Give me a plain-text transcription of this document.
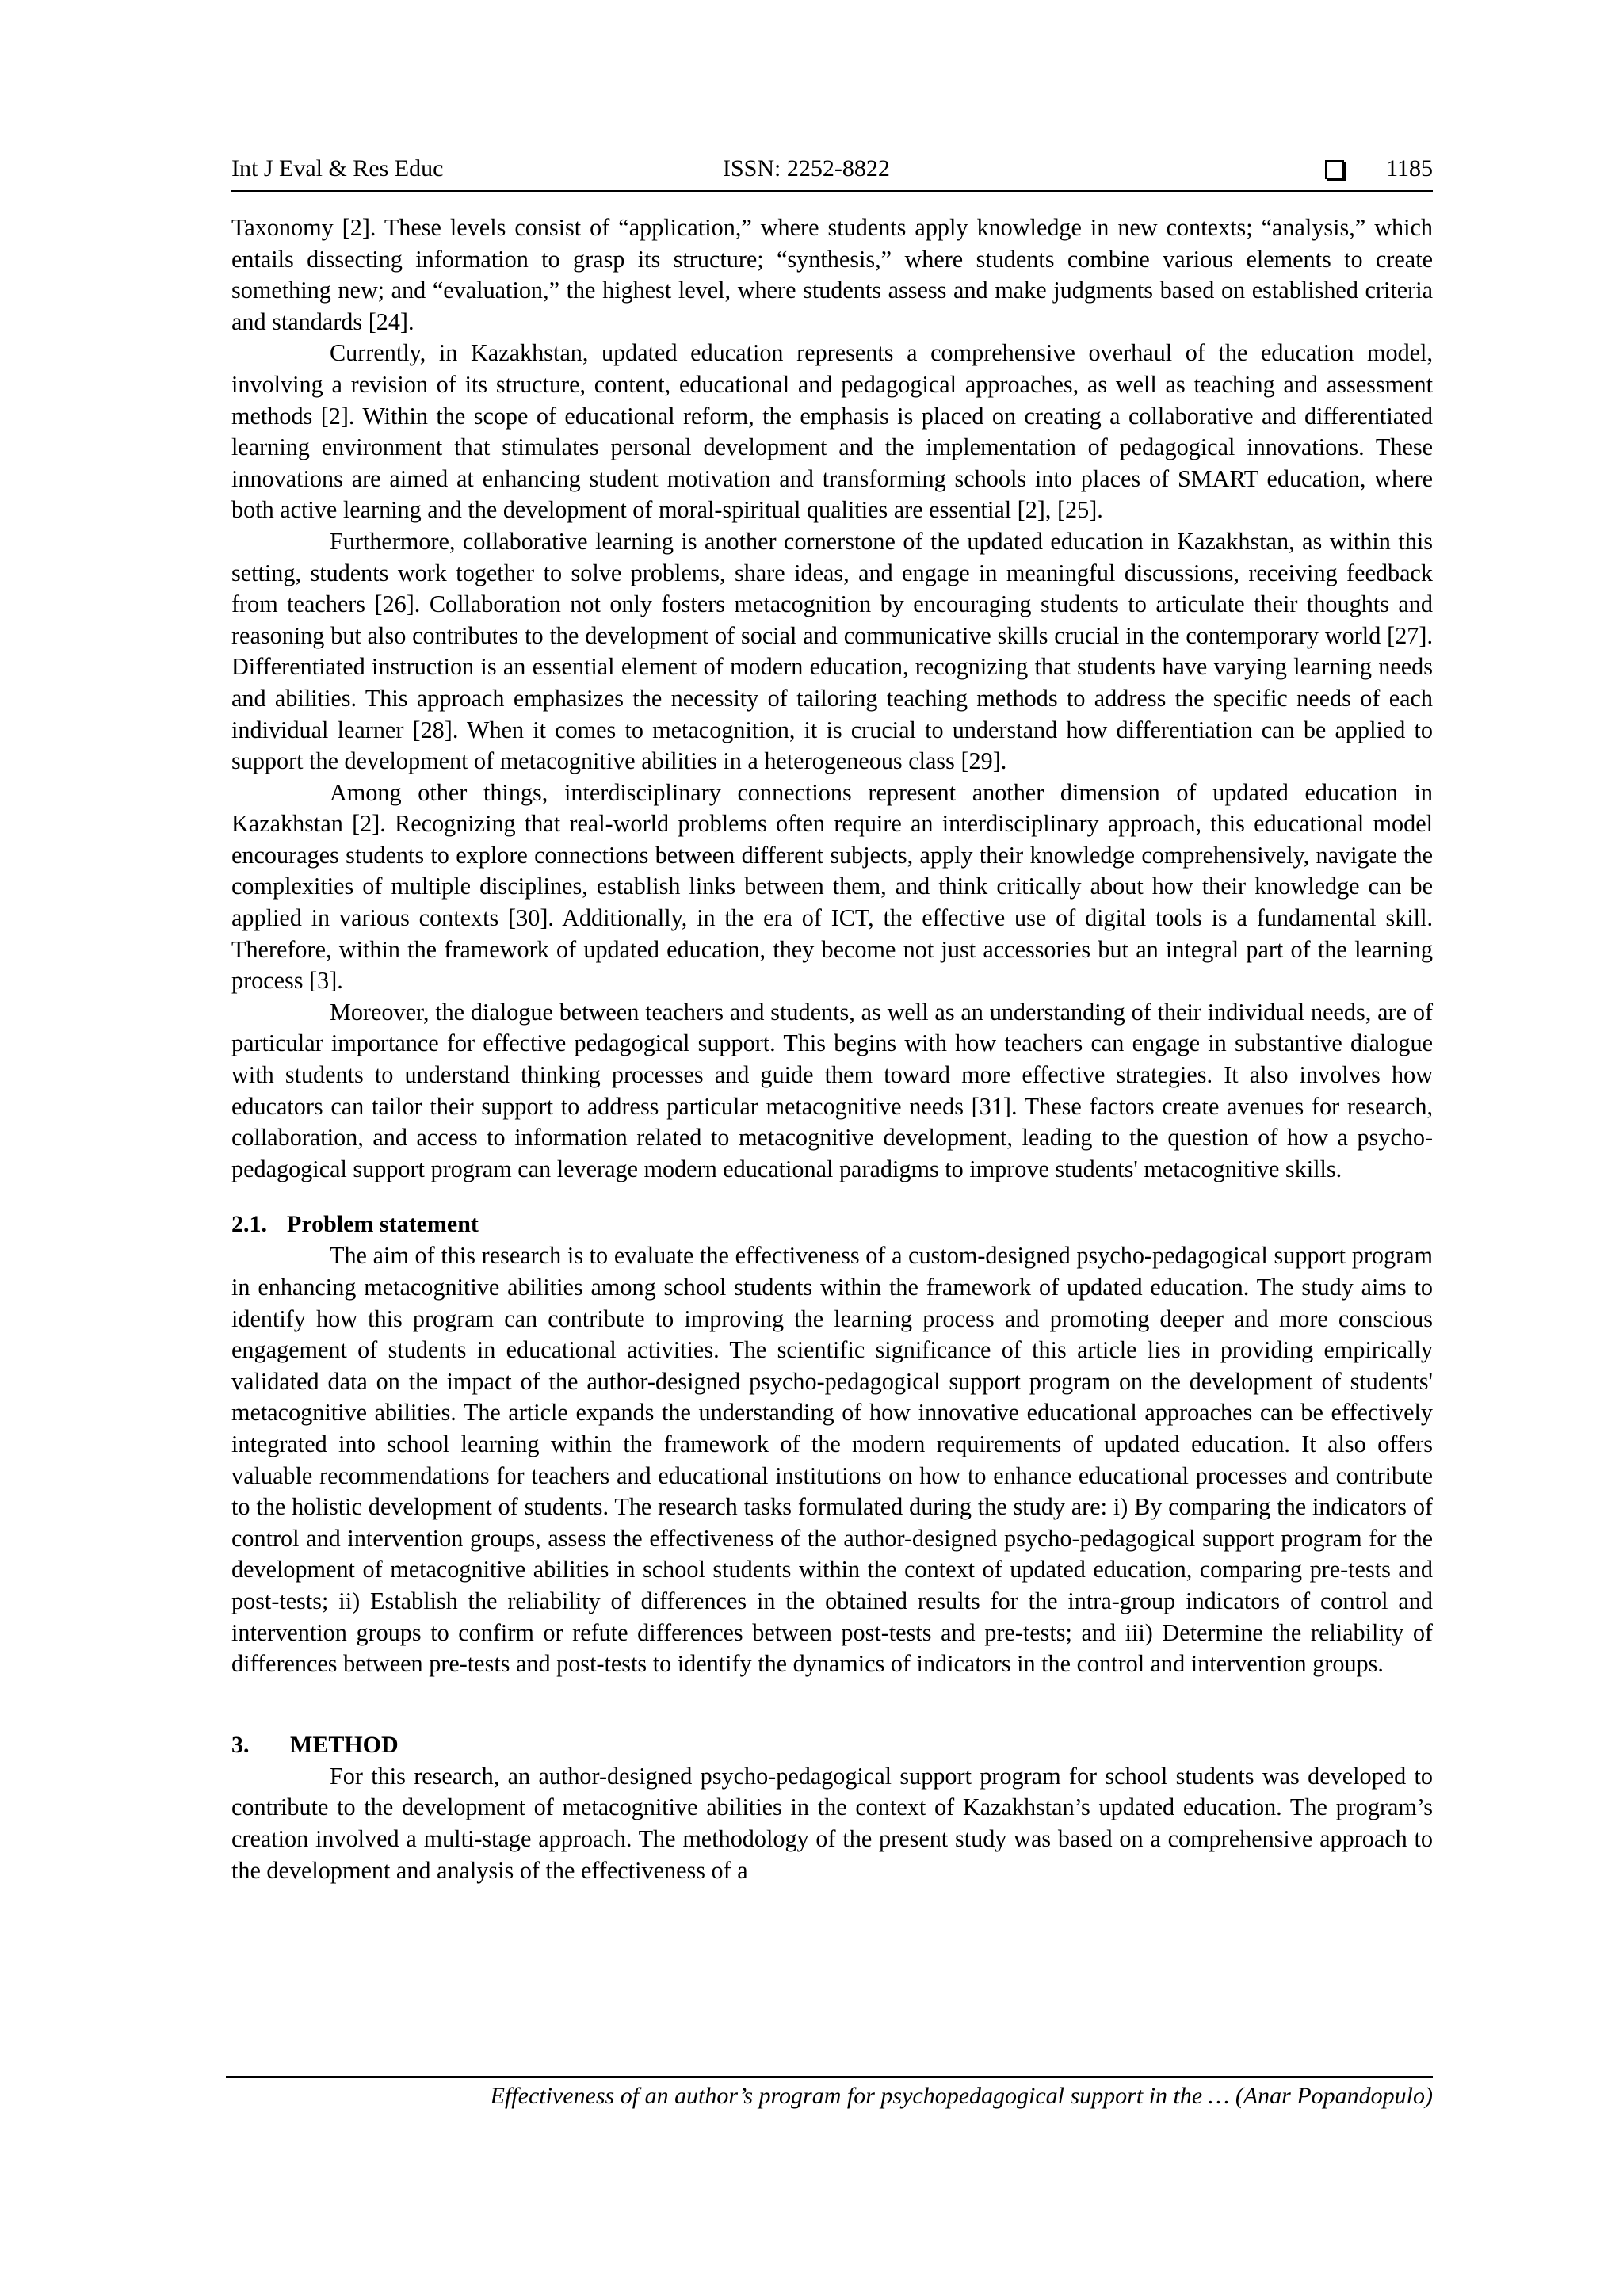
Int J Eval & Res Educ	ISSN: 2252-8822	1185

Taxonomy [2]. These levels consist of “application,” where students apply knowledge in new contexts; “analysis,” which entails dissecting information to grasp its structure; “synthesis,” where students combine various elements to create something new; and “evaluation,” the highest level, where students assess and make judgments based on established criteria and standards [24].

Currently, in Kazakhstan, updated education represents a comprehensive overhaul of the education model, involving a revision of its structure, content, educational and pedagogical approaches, as well as teaching and assessment methods [2]. Within the scope of educational reform, the emphasis is placed on creating a collaborative and differentiated learning environment that stimulates personal development and the implementation of pedagogical innovations. These innovations are aimed at enhancing student motivation and transforming schools into places of SMART education, where both active learning and the development of moral-spiritual qualities are essential [2], [25].

Furthermore, collaborative learning is another cornerstone of the updated education in Kazakhstan, as within this setting, students work together to solve problems, share ideas, and engage in meaningful discussions, receiving feedback from teachers [26]. Collaboration not only fosters metacognition by encouraging students to articulate their thoughts and reasoning but also contributes to the development of social and communicative skills crucial in the contemporary world [27]. Differentiated instruction is an essential element of modern education, recognizing that students have varying learning needs and abilities. This approach emphasizes the necessity of tailoring teaching methods to address the specific needs of each individual learner [28]. When it comes to metacognition, it is crucial to understand how differentiation can be applied to support the development of metacognitive abilities in a heterogeneous class [29].

Among other things, interdisciplinary connections represent another dimension of updated education in Kazakhstan [2]. Recognizing that real-world problems often require an interdisciplinary approach, this educational model encourages students to explore connections between different subjects, apply their knowledge comprehensively, navigate the complexities of multiple disciplines, establish links between them, and think critically about how their knowledge can be applied in various contexts [30]. Additionally, in the era of ICT, the effective use of digital tools is a fundamental skill. Therefore, within the framework of updated education, they become not just accessories but an integral part of the learning process [3].

Moreover, the dialogue between teachers and students, as well as an understanding of their individual needs, are of particular importance for effective pedagogical support. This begins with how teachers can engage in substantive dialogue with students to understand thinking processes and guide them toward more effective strategies. It also involves how educators can tailor their support to address particular metacognitive needs [31]. These factors create avenues for research, collaboration, and access to information related to metacognitive development, leading to the question of how a psycho-pedagogical support program can leverage modern educational paradigms to improve students' metacognitive skills.

2.1. Problem statement

The aim of this research is to evaluate the effectiveness of a custom-designed psycho-pedagogical support program in enhancing metacognitive abilities among school students within the framework of updated education. The study aims to identify how this program can contribute to improving the learning process and promoting deeper and more conscious engagement of students in educational activities. The scientific significance of this article lies in providing empirically validated data on the impact of the author-designed psycho-pedagogical support program on the development of students' metacognitive abilities. The article expands the understanding of how innovative educational approaches can be effectively integrated into school learning within the framework of the modern requirements of updated education. It also offers valuable recommendations for teachers and educational institutions on how to enhance educational processes and contribute to the holistic development of students. The research tasks formulated during the study are: i) By comparing the indicators of control and intervention groups, assess the effectiveness of the author-designed psycho-pedagogical support program for the development of metacognitive abilities in school students within the context of updated education, comparing pre-tests and post-tests; ii) Establish the reliability of differences in the obtained results for the intra-group indicators of control and intervention groups to confirm or refute differences between post-tests and pre-tests; and iii) Determine the reliability of differences between pre-tests and post-tests to identify the dynamics of indicators in the control and intervention groups.

3. METHOD

For this research, an author-designed psycho-pedagogical support program for school students was developed to contribute to the development of metacognitive abilities in the context of Kazakhstan’s updated education. The program’s creation involved a multi-stage approach. The methodology of the present study was based on a comprehensive approach to the development and analysis of the effectiveness of a

Effectiveness of an author’s program for psychopedagogical support in the … (Anar Popandopulo)
